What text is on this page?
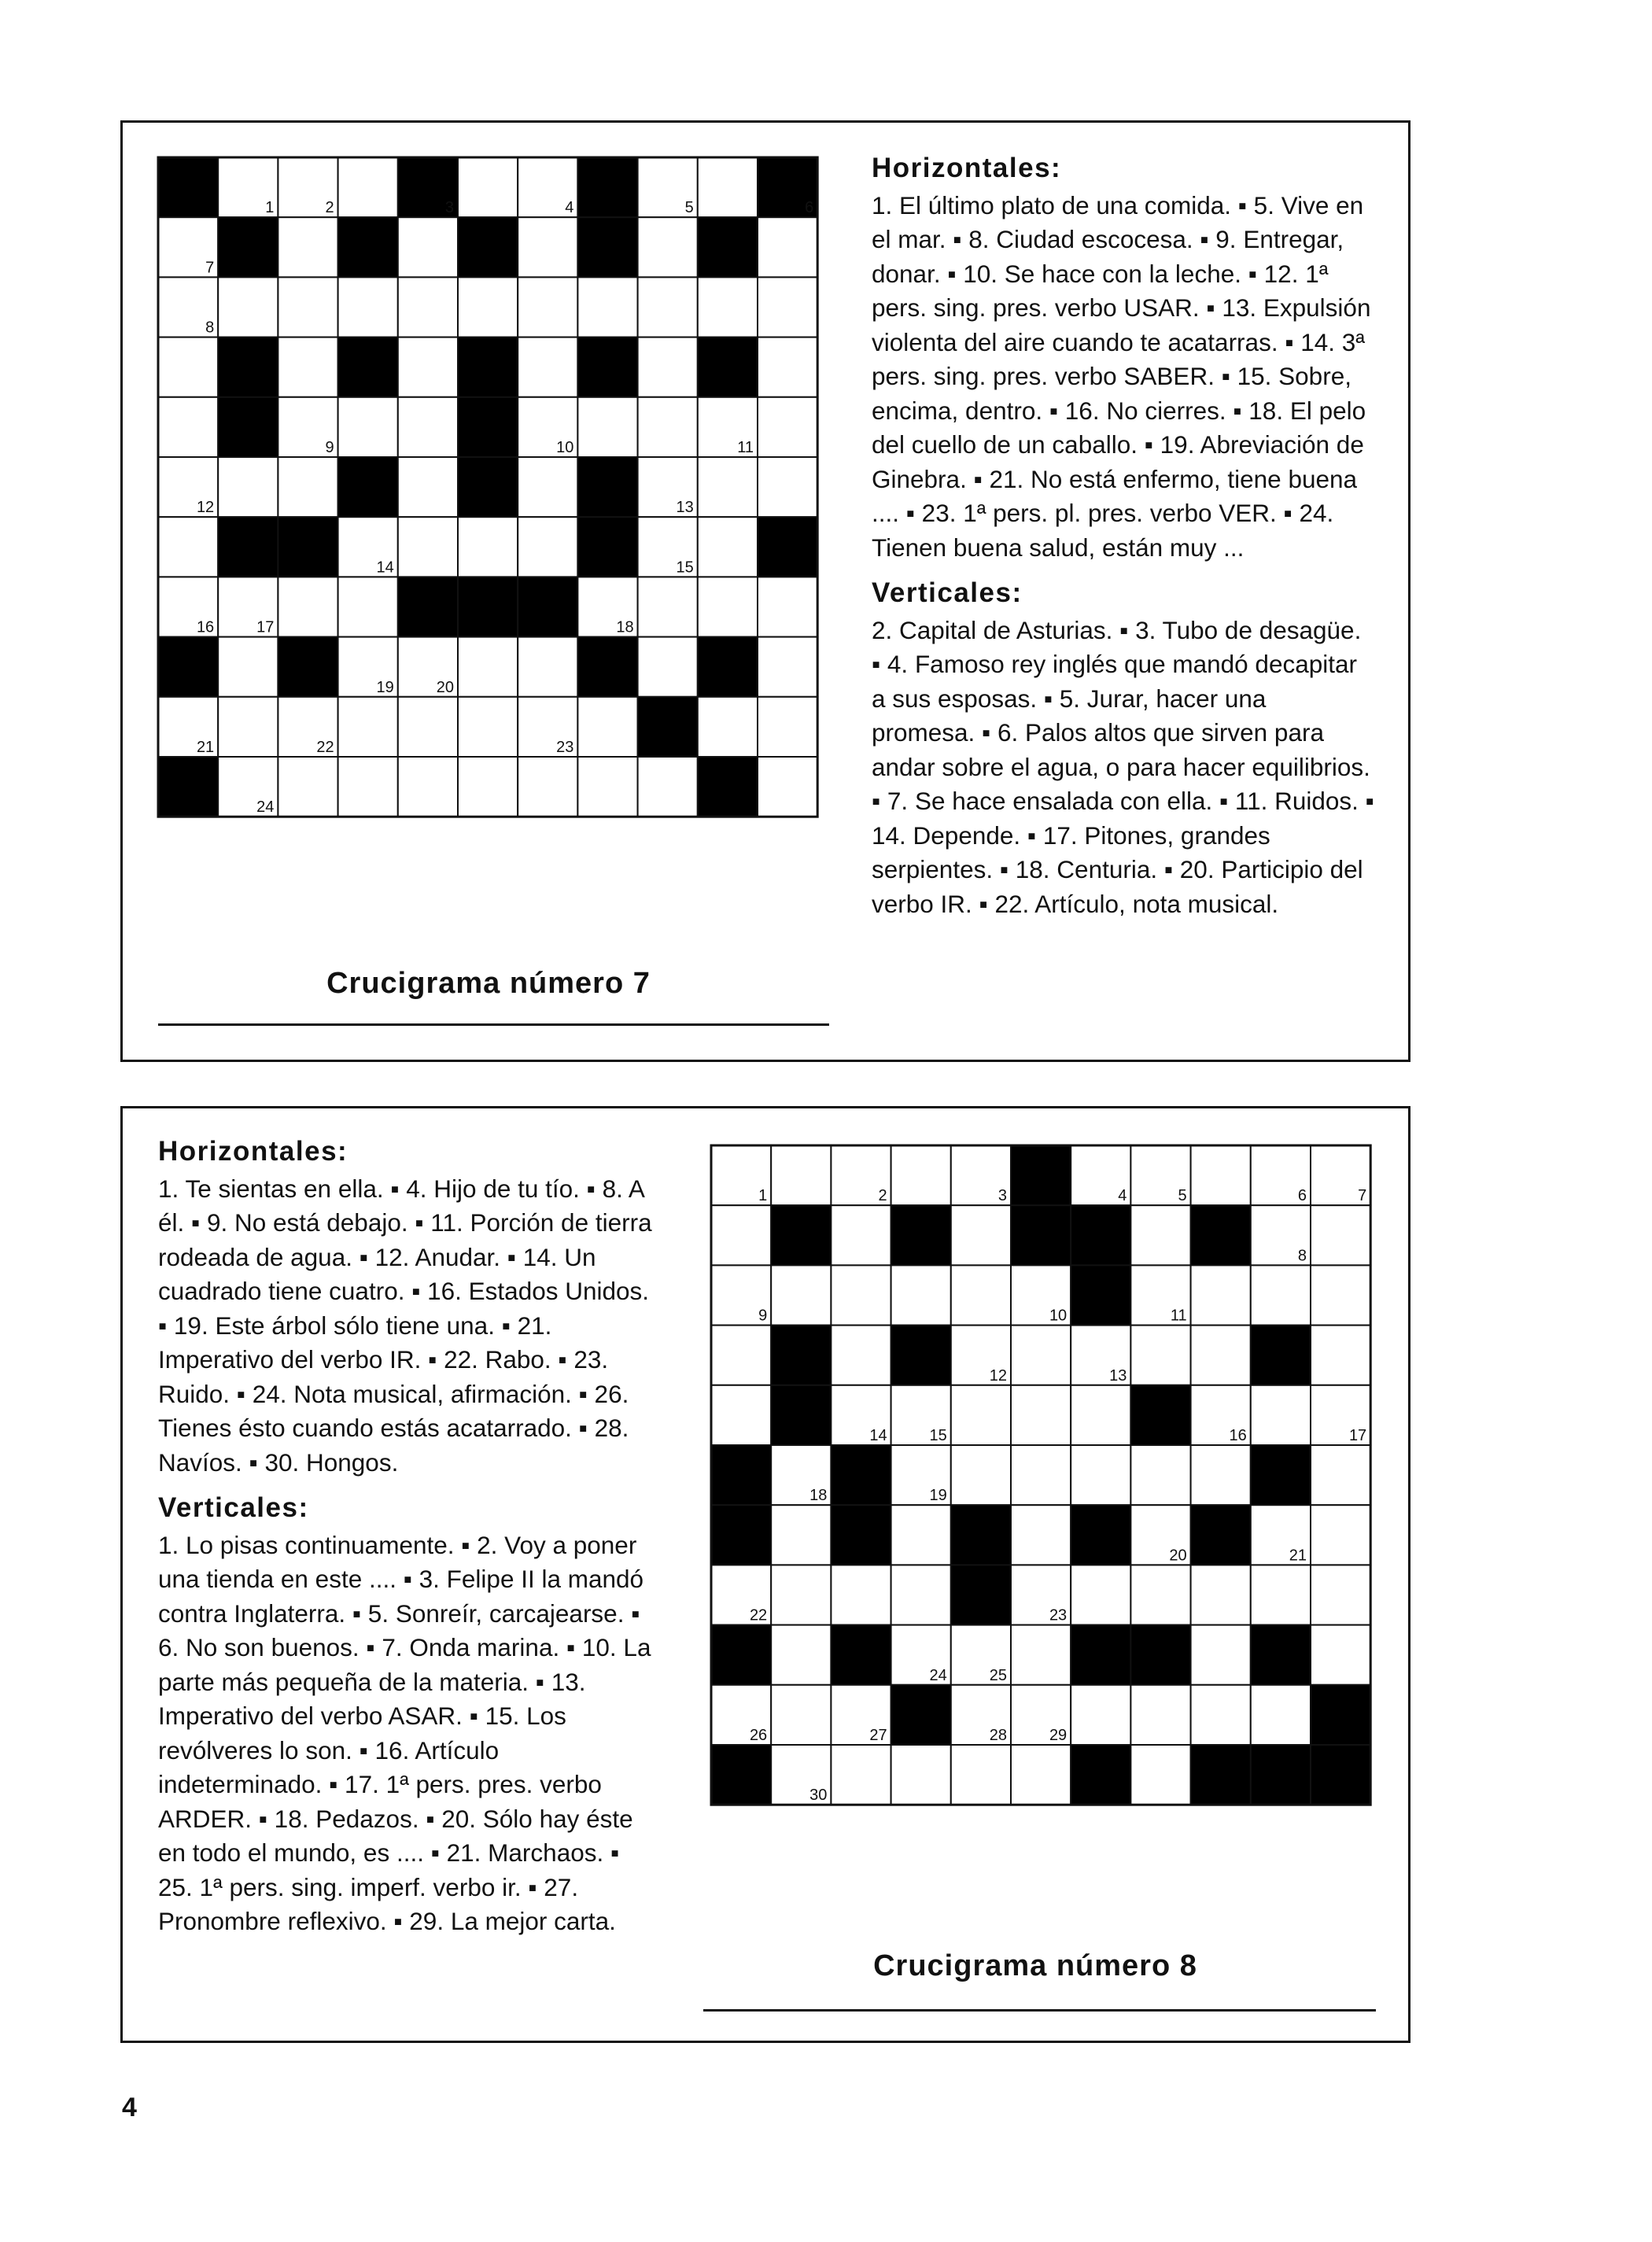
1	2	3	4	5	6
7
8
9	10	11
12	13
14	15
16	17	18
19	20
21	22	23
24
Horizontales:

1. El último plato de una comida. ▪ 5. Vive en el mar. ▪ 8. Ciudad escocesa. ▪ 9. Entregar, donar. ▪ 10. Se hace con la leche. ▪ 12. 1ª pers. sing. pres. verbo USAR. ▪ 13. Expulsión violenta del aire cuando te acatarras. ▪ 14. 3ª pers. sing. pres. verbo SABER. ▪ 15. Sobre, encima, dentro. ▪ 16. No cierres. ▪ 18. El pelo del cuello de un caballo. ▪ 19. Abreviación de Ginebra. ▪ 21. No está enfermo, tiene buena .... ▪ 23. 1ª pers. pl. pres. verbo VER. ▪ 24. Tienen buena salud, están muy ...

Verticales:

2. Capital de Asturias. ▪ 3. Tubo de desagüe. ▪ 4. Famoso rey inglés que mandó decapitar a sus esposas. ▪ 5. Jurar, hacer una promesa. ▪ 6. Palos altos que sirven para andar sobre el agua, o para hacer equilibrios. ▪ 7. Se hace ensalada con ella. ▪ 11. Ruidos. ▪ 14. Depende. ▪ 17. Pitones, grandes serpientes. ▪ 18. Centuria. ▪ 20. Participio del verbo IR. ▪ 22. Artículo, nota musical.

Crucigrama número 7
Horizontales:

1. Te sientas en ella. ▪ 4. Hijo de tu tío. ▪ 8. A él. ▪ 9. No está debajo. ▪ 11. Porción de tierra rodeada de agua. ▪ 12. Anudar. ▪ 14. Un cuadrado tiene cuatro. ▪ 16. Estados Unidos. ▪ 19. Este árbol sólo tiene una. ▪ 21. Imperativo del verbo IR. ▪ 22. Rabo. ▪ 23. Ruido. ▪ 24. Nota musical, afirmación. ▪ 26. Tienes ésto cuando estás acatarrado. ▪ 28. Navíos. ▪ 30. Hongos.

Verticales:

1. Lo pisas continuamente. ▪ 2. Voy a poner una tienda en este .... ▪ 3. Felipe II la mandó contra Inglaterra. ▪ 5. Sonreír, carcajearse. ▪ 6. No son buenos. ▪ 7. Onda marina. ▪ 10. La parte más pequeña de la materia. ▪ 13. Imperativo del verbo ASAR. ▪ 15. Los revólveres lo son. ▪ 16. Artículo indeterminado. ▪ 17. 1ª pers. pres. verbo ARDER. ▪ 18. Pedazos. ▪ 20. Sólo hay éste en todo el mundo, es .... ▪ 21. Marchaos. ▪ 25. 1ª pers. sing. imperf. verbo ir. ▪ 27. Pronombre reflexivo. ▪ 29. La mejor carta.

1	2	3	4	5	6	7
8
9	10	11
12	13
14	15	16	17
18	19
20	21
22	23
24	25
26	27	28	29
30
Crucigrama número 8
4
